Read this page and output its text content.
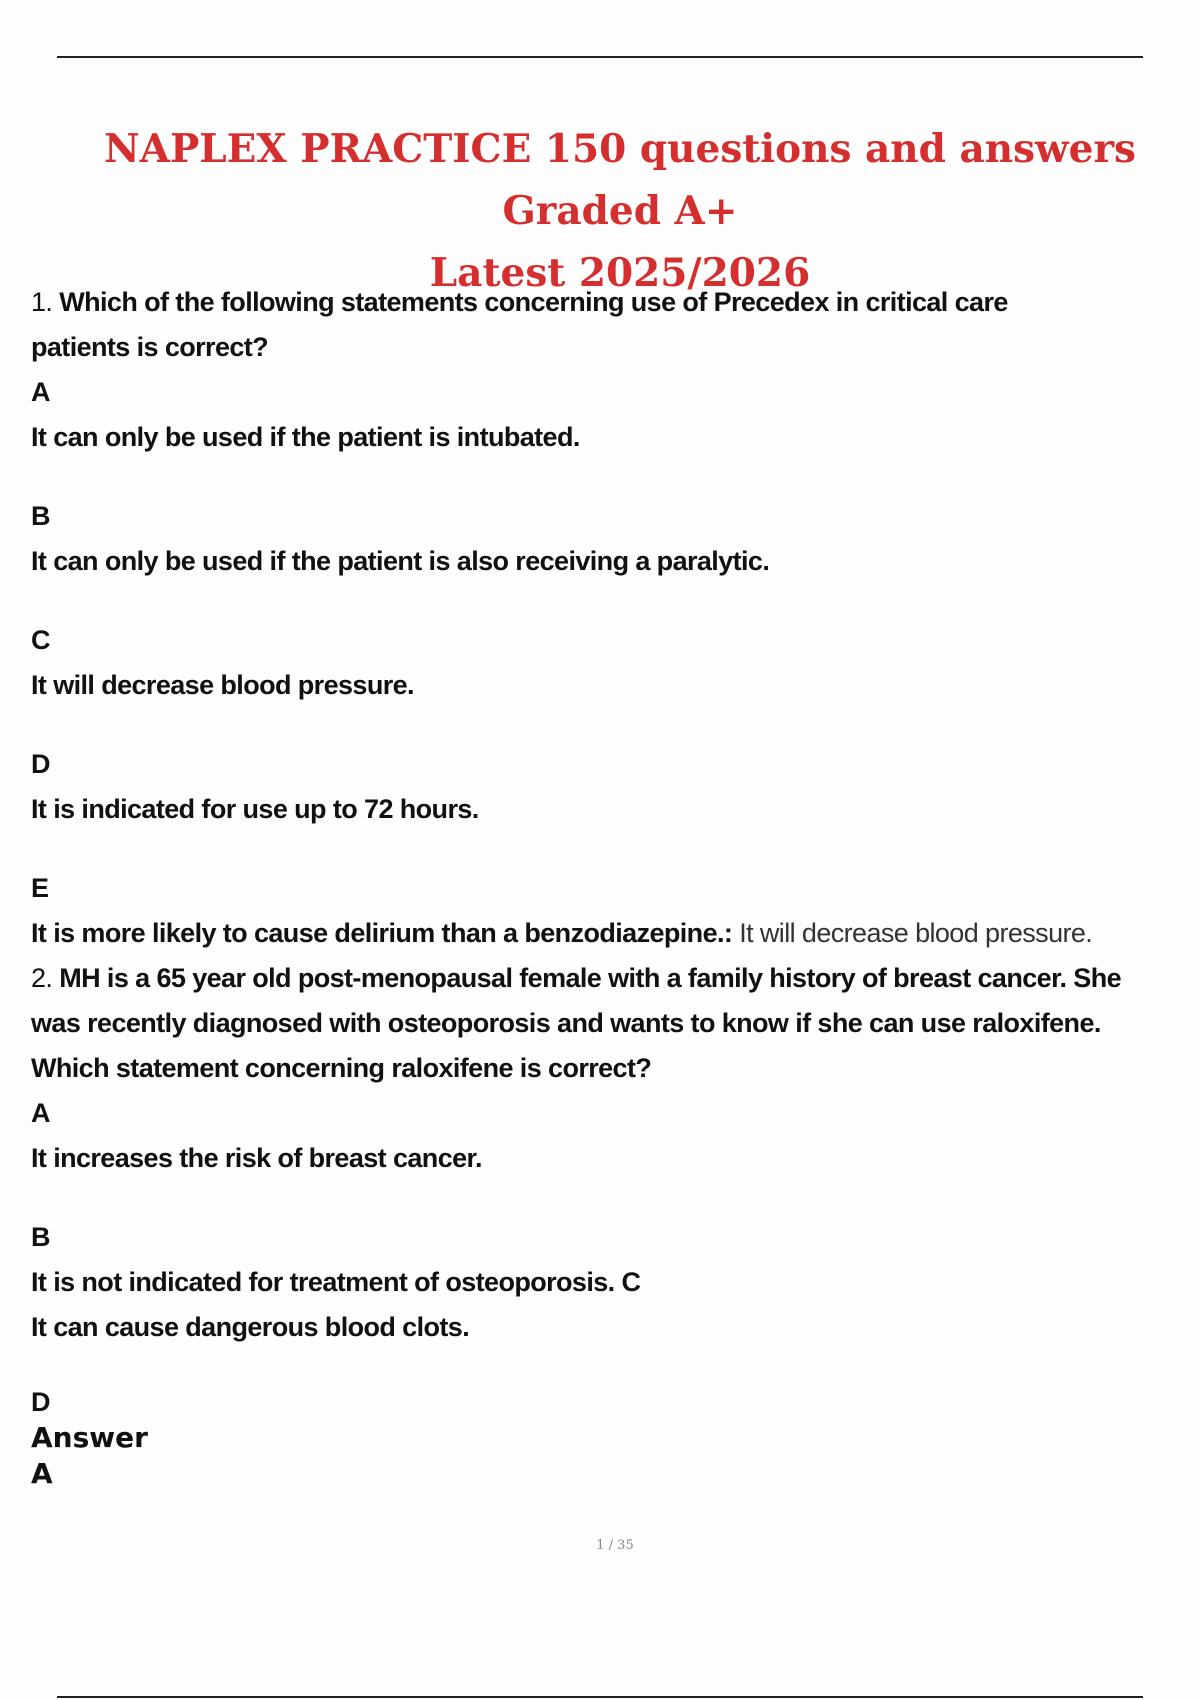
NAPLEX PRACTICE 150 questions and answers Graded A+
Latest 2025/2026
1. Which of the following statements concerning use of Precedex in critical care
patients is correct?
A
It can only be used if the patient is intubated.
B
It can only be used if the patient is also receiving a paralytic.
C
It will decrease blood pressure.
D
It is indicated for use up to 72 hours.
E
It is more likely to cause delirium than a benzodiazepine.: It will decrease blood pressure.
2. MH is a 65 year old post-menopausal female with a family history of breast cancer. She
was recently diagnosed with osteoporosis and wants to know if she can use raloxifene.
Which statement concerning raloxifene is correct?
A
It increases the risk of breast cancer.
B
It is not indicated for treatment of osteoporosis. C
It can cause dangerous blood clots.
D
Answer
A
1 / 35
